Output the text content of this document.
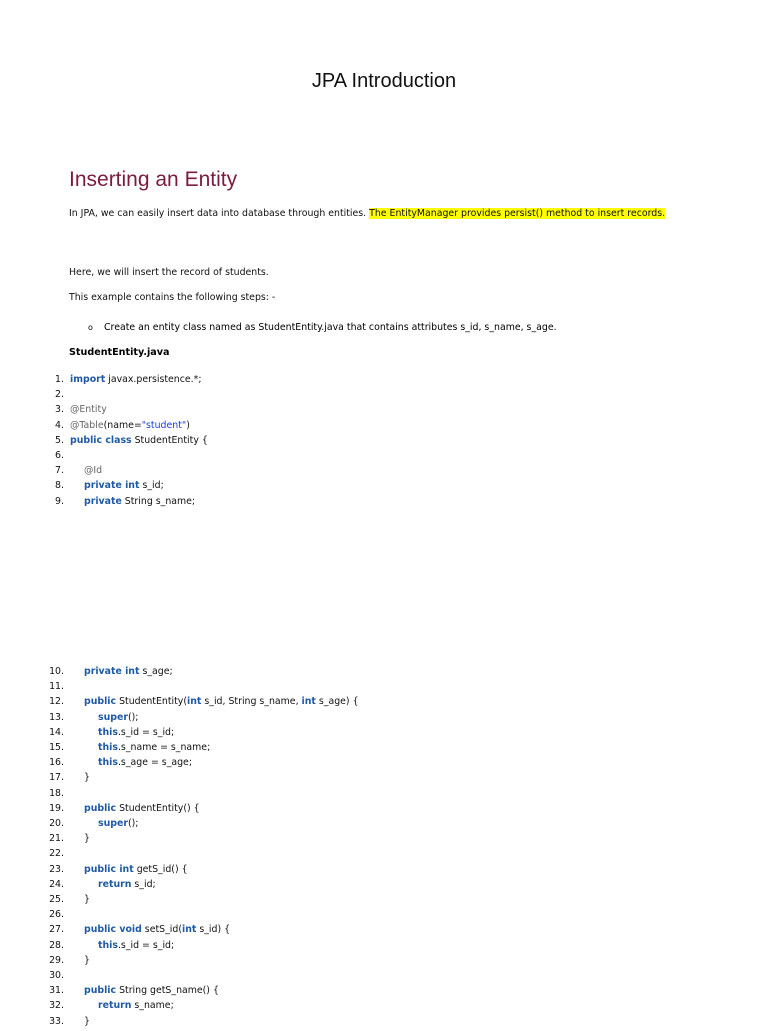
JPA Introduction
Inserting an Entity
In JPA, we can easily insert data into database through entities. The EntityManager provides persist() method to insert records.
Here, we will insert the record of students.
This example contains the following steps: -
o Create an entity class named as StudentEntity.java that contains attributes s_id, s_name, s_age.
StudentEntity.java
1. import javax.persistence.*;
2.
3. @Entity
4. @Table(name="student")
5. public class StudentEntity {
6.
7. @Id
8. private int s_id;
9. private String s_name;
10. private int s_age;
11.
12. public StudentEntity(int s_id, String s_name, int s_age) {
13.	super();
14.	this.s_id = s_id;
15.	this.s_name = s_name;
16.	this.s_age = s_age;
17. }
18.
19. public StudentEntity() {
20.	super();
21. }
22.
23. public int getS_id() {
24.	return s_id;
25. }
26.
27. public void setS_id(int s_id) {
28.	this.s_id = s_id;
29. }
30.
31. public String getS_name() {
32.	return s_name;
33. }
